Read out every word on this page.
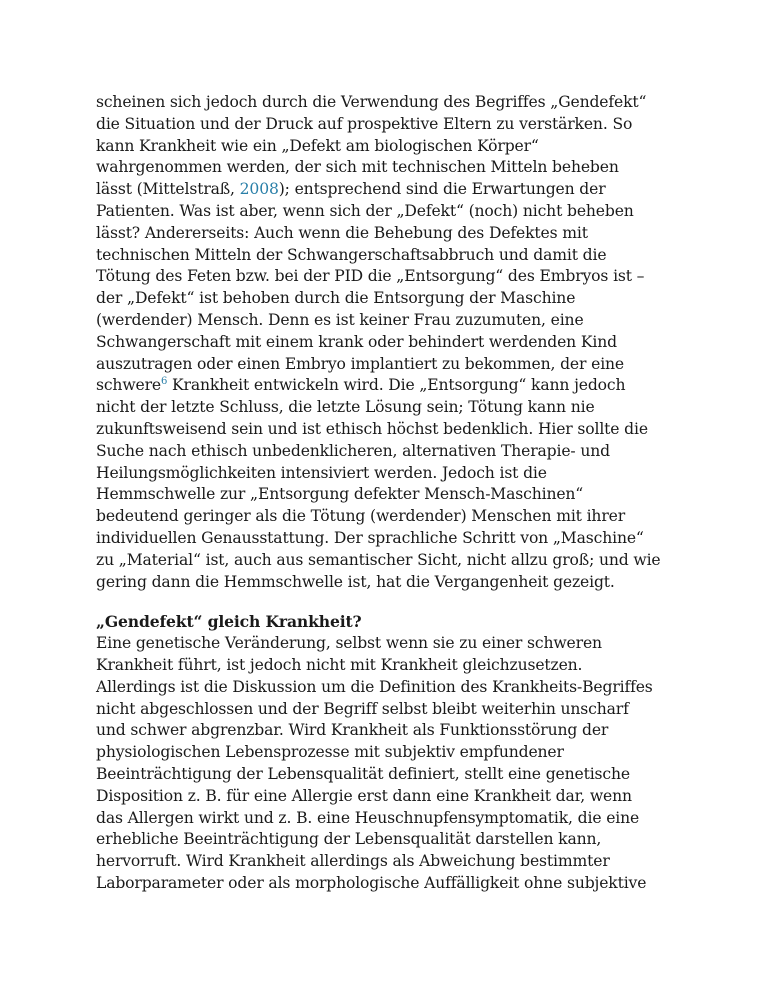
scheinen sich jedoch durch die Verwendung des Begriffes „Gendefekt“
die Situation und der Druck auf prospektive Eltern zu verstärken. So
kann Krankheit wie ein „Defekt am biologischen Körper“
wahrgenommen werden, der sich mit technischen Mitteln beheben
lässt (Mittelstraß, 2008); entsprechend sind die Erwartungen der
Patienten. Was ist aber, wenn sich der „Defekt“ (noch) nicht beheben
lässt? Andererseits: Auch wenn die Behebung des Defektes mit
technischen Mitteln der Schwangerschaftsabbruch und damit die
Tötung des Feten bzw. bei der PID die „Entsorgung“ des Embryos ist –
der „Defekt“ ist behoben durch die Entsorgung der Maschine
(werdender) Mensch. Denn es ist keiner Frau zuzumuten, eine
Schwangerschaft mit einem krank oder behindert werdenden Kind
auszutragen oder einen Embryo implantiert zu bekommen, der eine
schwere$^6$ Krankheit entwickeln wird. Die „Entsorgung“ kann jedoch
nicht der letzte Schluss, die letzte Lösung sein; Tötung kann nie
zukunftsweisend sein und ist ethisch höchst bedenklich. Hier sollte die
Suche nach ethisch unbedenklicheren, alternativen Therapie- und
Heilungsmöglichkeiten intensiviert werden. Jedoch ist die
Hemmschwelle zur „Entsorgung defekter Mensch-Maschinen“
bedeutend geringer als die Tötung (werdender) Menschen mit ihrer
individuellen Genausstattung. Der sprachliche Schritt von „Maschine“
zu „Material“ ist, auch aus semantischer Sicht, nicht allzu groß; und wie
gering dann die Hemmschwelle ist, hat die Vergangenheit gezeigt.
„Gendefekt“ gleich Krankheit?
Eine genetische Veränderung, selbst wenn sie zu einer schweren
Krankheit führt, ist jedoch nicht mit Krankheit gleichzusetzen.
Allerdings ist die Diskussion um die Definition des Krankheits-Begriffes
nicht abgeschlossen und der Begriff selbst bleibt weiterhin unscharf
und schwer abgrenzbar. Wird Krankheit als Funktionsstörung der
physiologischen Lebensprozesse mit subjektiv empfundener
Beeinträchtigung der Lebensqualität definiert, stellt eine genetische
Disposition z. B. für eine Allergie erst dann eine Krankheit dar, wenn
das Allergen wirkt und z. B. eine Heuschnupfensymptomatik, die eine
erhebliche Beeinträchtigung der Lebensqualität darstellen kann,
hervorruft. Wird Krankheit allerdings als Abweichung bestimmter
Laborparameter oder als morphologische Auffälligkeit ohne subjektive
